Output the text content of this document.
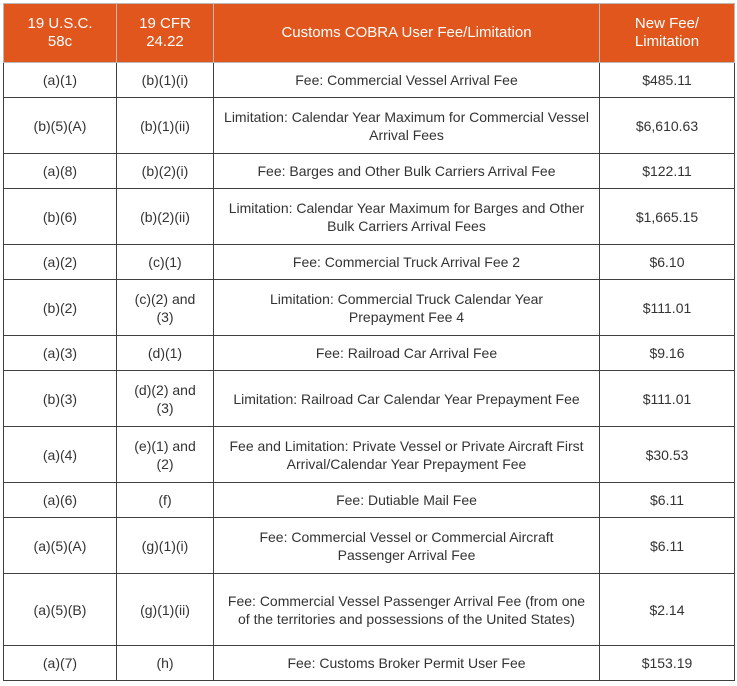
19 U.S.C. 58c	19 CFR 24.22	Customs COBRA User Fee/Limitation	New Fee/ Limitation
(a)(1)	(b)(1)(i)	Fee: Commercial Vessel Arrival Fee	$485.11
(b)(5)(A)	(b)(1)(ii)	Limitation: Calendar Year Maximum for Commercial Vessel Arrival Fees	$6,610.63
(a)(8)	(b)(2)(i)	Fee: Barges and Other Bulk Carriers Arrival Fee	$122.11
(b)(6)	(b)(2)(ii)	Limitation: Calendar Year Maximum for Barges and Other Bulk Carriers Arrival Fees	$1,665.15
(a)(2)	(c)(1)	Fee: Commercial Truck Arrival Fee 2	$6.10
(b)(2)	(c)(2) and (3)	Limitation: Commercial Truck Calendar Year Prepayment Fee 4	$111.01
(a)(3)	(d)(1)	Fee: Railroad Car Arrival Fee	$9.16
(b)(3)	(d)(2) and (3)	Limitation: Railroad Car Calendar Year Prepayment Fee	$111.01
(a)(4)	(e)(1) and (2)	Fee and Limitation: Private Vessel or Private Aircraft First Arrival/Calendar Year Prepayment Fee	$30.53
(a)(6)	(f)	Fee: Dutiable Mail Fee	$6.11
(a)(5)(A)	(g)(1)(i)	Fee: Commercial Vessel or Commercial Aircraft Passenger Arrival Fee	$6.11
(a)(5)(B)	(g)(1)(ii)	Fee: Commercial Vessel Passenger Arrival Fee (from one of the territories and possessions of the United States)	$2.14
(a)(7)	(h)	Fee: Customs Broker Permit User Fee	$153.19
